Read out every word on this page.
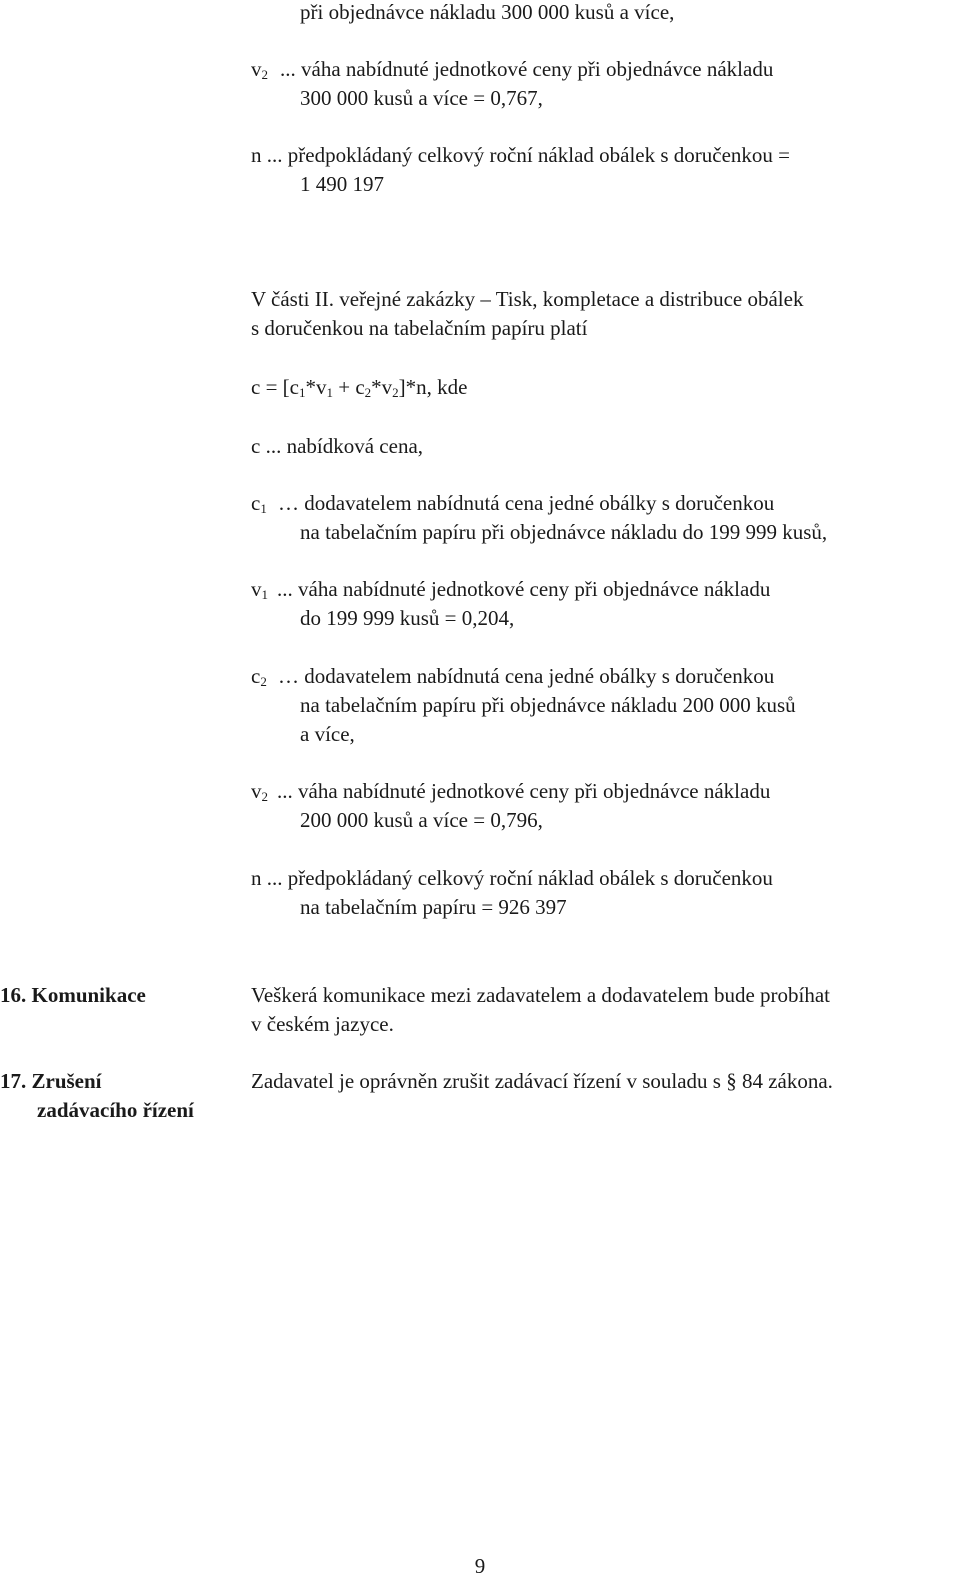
při objednávce nákladu 300 000 kusů a více,
$v_2$ ... váha nabídnuté jednotkové ceny při objednávce nákladu
300 000 kusů a více = 0,767,
n ... předpokládaný celkový roční náklad obálek s doručenkou =
1 490 197
V části II. veřejné zakázky – Tisk, kompletace a distribuce obálek
s doručenkou na tabelačním papíru platí
$c = [c_1*v_1 + c_2*v_2]*n$, kde
c ... nabídková cena,
$c_1$ … dodavatelem nabídnutá cena jedné obálky s doručenkou
na tabelačním papíru při objednávce nákladu do 199 999 kusů,
$v_1$ ... váha nabídnuté jednotkové ceny při objednávce nákladu
do 199 999 kusů = 0,204,
$c_2$ … dodavatelem nabídnutá cena jedné obálky s doručenkou
na tabelačním papíru při objednávce nákladu 200 000 kusů
a více,
$v_2$ ... váha nabídnuté jednotkové ceny při objednávce nákladu
200 000 kusů a více = 0,796,
n ... předpokládaný celkový roční náklad obálek s doručenkou
na tabelačním papíru = 926 397
16. Komunikace	Veškerá komunikace mezi zadavatelem a dodavatelem bude probíhat
v českém jazyce.
17. Zrušení
zadávacího řízení
Zadavatel je oprávněn zrušit zadávací řízení v souladu s § 84 zákona.
9
